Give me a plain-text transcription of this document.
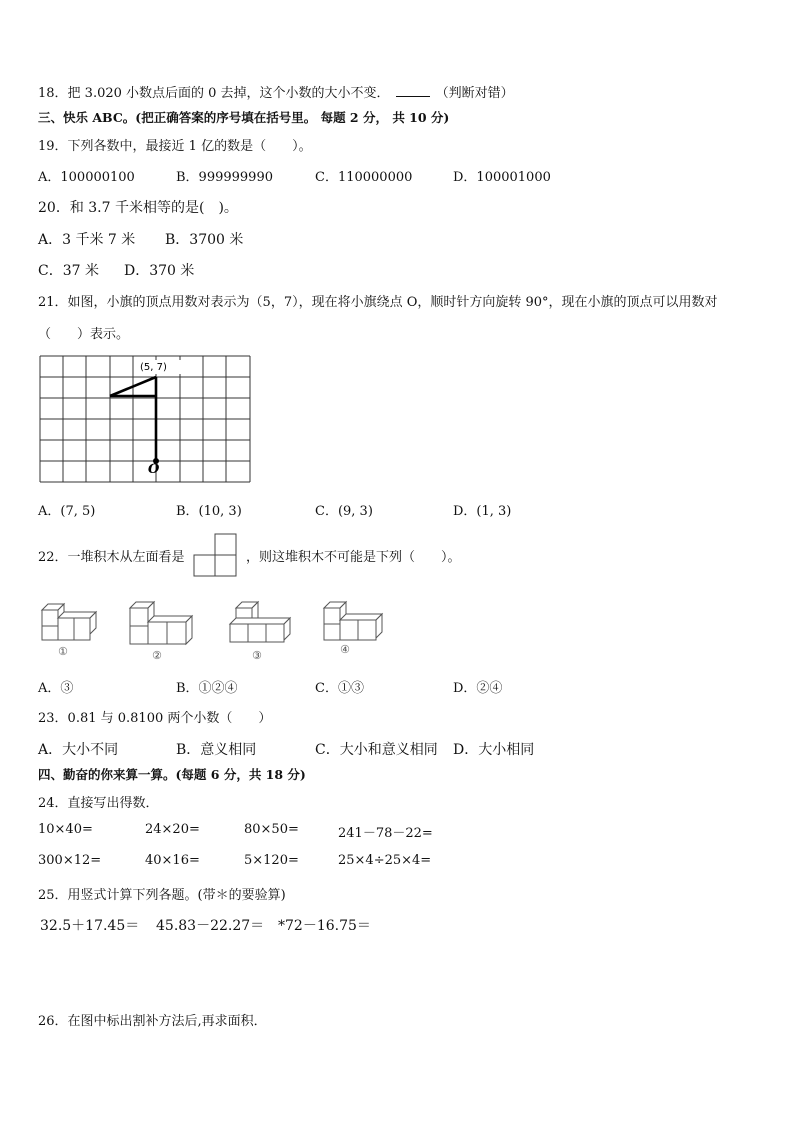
18．把 3.020 小数点后面的 0 去掉，这个小数的大小不变．	（判断对错）
三、快乐 ABC。(把正确答案的序号填在括号里。 每题 2 分， 共 10 分)
19．下列各数中，最接近 1 亿的数是（　　）。
A．100000100	B．999999990	C．110000000	D．100001000
20．和 3.7 千米相等的是(　)。
A．3 千米 7 米 B．3700 米
C．37 米 D．370 米
21．如图，小旗的顶点用数对表示为（5，7），现在将小旗绕点 O，顺时针方向旋转 90°，现在小旗的顶点可以用数对
（　　）表示。
(5, 7)
O
A．(7, 5)	B．(10, 3)	C．(9, 3)	D．(1, 3)
22．一堆积木从左面看是	，则这堆积木不可能是下列（　　）。
①	②	③	④
A．③	B．①②④	C．①③	D．②④
23．0.81 与 0.8100 两个小数（　　）
A．大小不同	B．意义相同	C．大小和意义相同 D．大小相同
四、勤奋的你来算一算。(每题 6 分，共 18 分)
24．直接写出得数．
10×40=	24×20=	80×50=	241－78－22=
300×12=	40×16=	5×120=	25×4÷25×4=
25．用竖式计算下列各题。(带＊的要验算)
32.5＋17.45＝ 45.83－22.27＝ *72－16.75＝
26．在图中标出割补方法后,再求面积．
